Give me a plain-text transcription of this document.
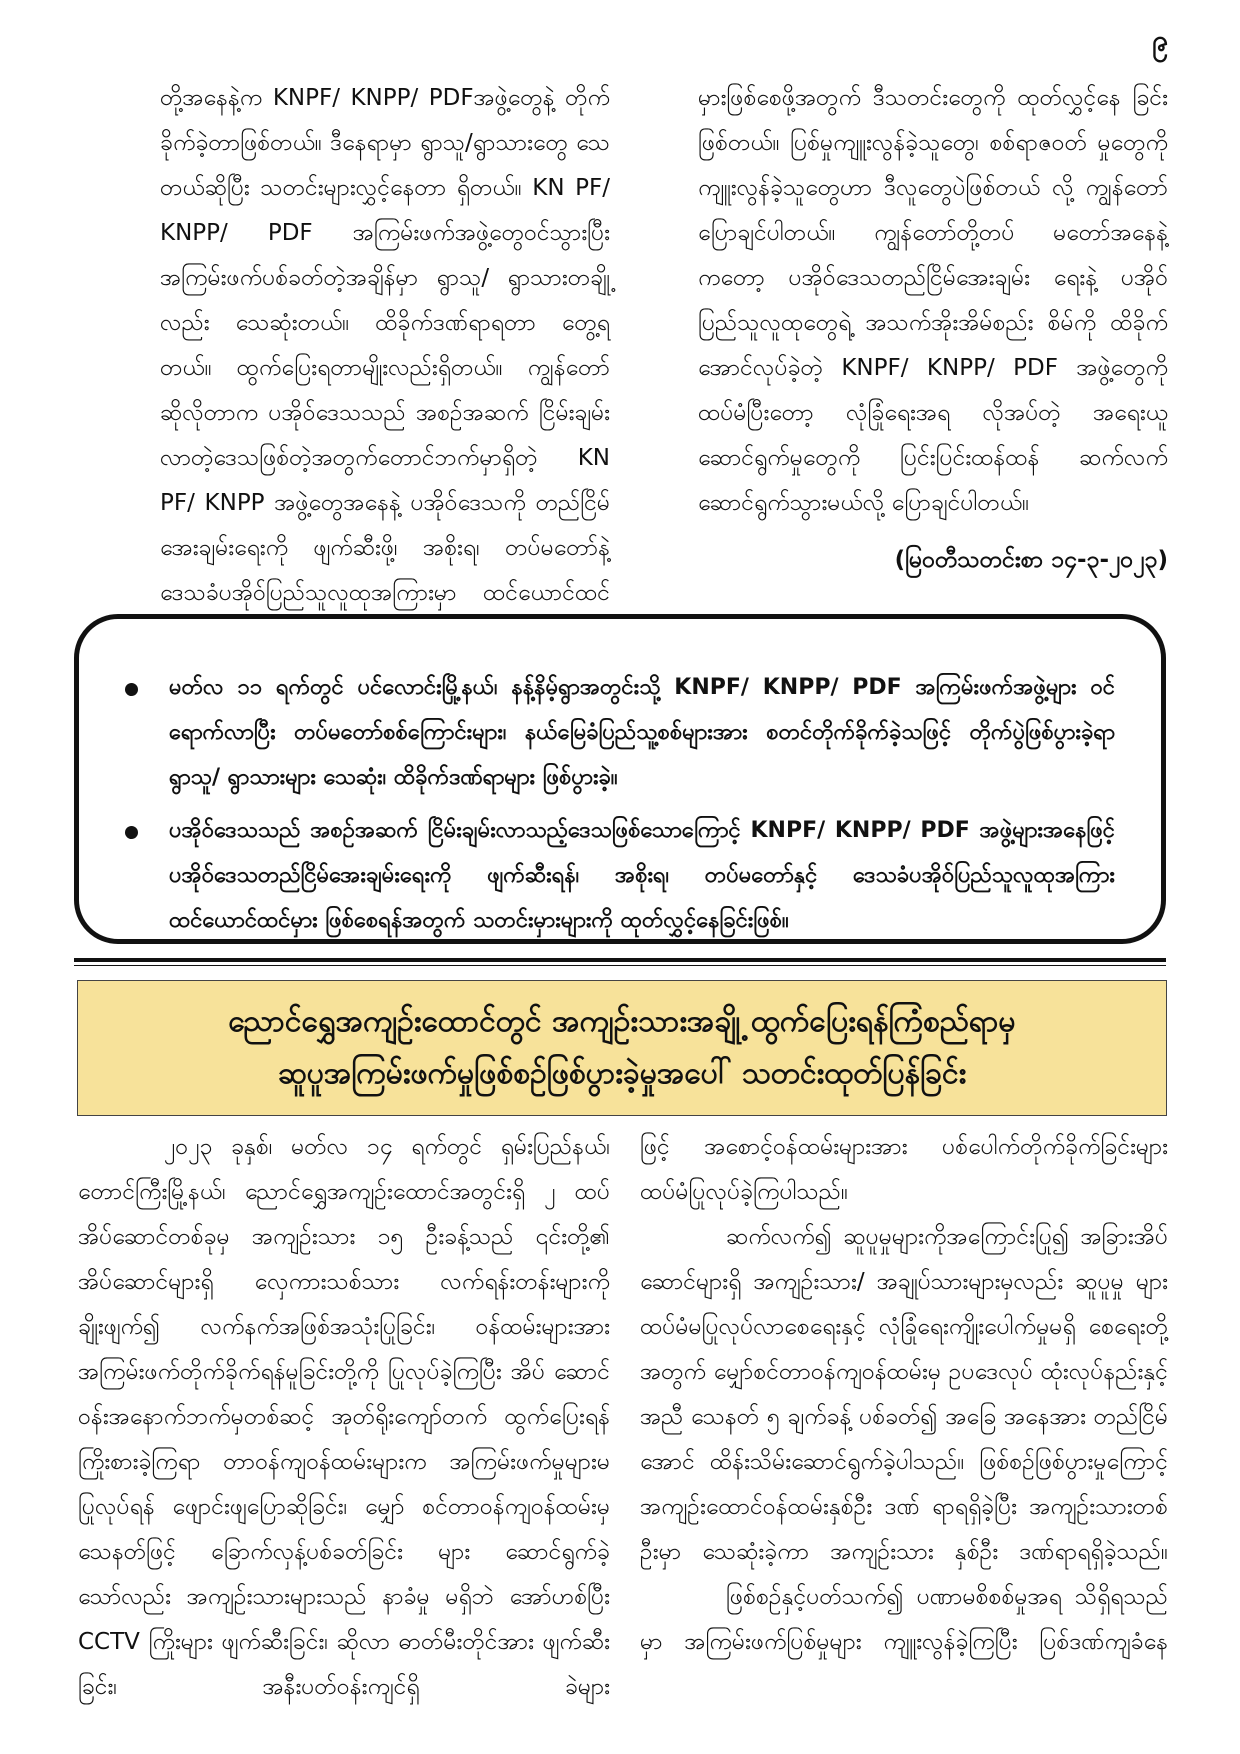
၉

တို့အနေနဲ့က KNPF/ KNPP/ PDFအဖွဲ့တွေနဲ့ တိုက် ခိုက်ခဲ့တာဖြစ်တယ်။ ဒီနေရာမှာ ရွာသူ/ရွာသားတွေ သေတယ်ဆိုပြီး သတင်းများလွှင့်နေတာ ရှိတယ်။ KN PF/ KNPP/ PDF အကြမ်းဖက်အဖွဲ့တွေဝင်သွားပြီး အကြမ်းဖက်ပစ်ခတ်တဲ့အချိန်မှာ ရွာသူ/ ရွာသားတချို့ လည်း သေဆုံးတယ်။ ထိခိုက်ဒဏ်ရာရတာ တွေ့ရ တယ်။ ထွက်ပြေးရတာမျိုးလည်းရှိတယ်။ ကျွန်တော် ဆိုလိုတာက ပအိုဝ်ဒေသသည် အစဉ်အဆက် ငြိမ်းချမ်း လာတဲ့ဒေသဖြစ်တဲ့အတွက်တောင်ဘက်မှာရှိတဲ့ KN PF/ KNPP အဖွဲ့တွေအနေနဲ့ ပအိုဝ်ဒေသကို တည်ငြိမ် အေးချမ်းရေးကို ဖျက်ဆီးဖို့၊ အစိုးရ၊ တပ်မတော်နဲ့ ဒေသခံပအိုဝ်ပြည်သူလူထုအကြားမှာ ထင်ယောင်ထင်

မှားဖြစ်စေဖို့အတွက် ဒီသတင်းတွေကို ထုတ်လွှင့်နေ ခြင်းဖြစ်တယ်။ ပြစ်မှုကျူးလွန်ခဲ့သူတွေ၊ စစ်ရာဇဝတ် မှုတွေကို ကျူးလွန်ခဲ့သူတွေဟာ ဒီလူတွေပဲဖြစ်တယ် လို့ ကျွန်တော်ပြောချင်ပါတယ်။ ကျွန်တော်တို့တပ် မတော်အနေနဲ့ကတော့ ပအိုဝ်ဒေသတည်ငြိမ်အေးချမ်း ရေးနဲ့ ပအိုဝ်ပြည်သူလူထုတွေရဲ့ အသက်အိုးအိမ်စည်း စိမ်ကို ထိခိုက်အောင်လုပ်ခဲ့တဲ့ KNPF/ KNPP/ PDF အဖွဲ့တွေကို ထပ်မံပြီးတော့ လုံခြုံရေးအရ လိုအပ်တဲ့ အရေးယူဆောင်ရွက်မှုတွေကို ပြင်းပြင်းထန်ထန် ဆက်လက်ဆောင်ရွက်သွားမယ်လို့ ပြောချင်ပါတယ်။

(မြဝတီသတင်းစာ ၁၄-၃-၂၀၂၃)
မတ်လ ၁၁ ရက်တွင် ပင်လောင်းမြို့နယ်၊ နန့်နိမ့်ရွာအတွင်းသို့ KNPF/ KNPP/ PDF အကြမ်းဖက်အဖွဲ့များ ဝင်ရောက်လာပြီး တပ်မတော်စစ်ကြောင်းများ၊ နယ်မြေခံပြည်သူ့စစ်များအား စတင်တိုက်ခိုက်ခဲ့သဖြင့် တိုက်ပွဲဖြစ်ပွားခဲ့ရာ ရွာသူ/ ရွာသားများ သေဆုံး၊ ထိခိုက်ဒဏ်ရာများ ဖြစ်ပွားခဲ့။
ပအိုဝ်ဒေသသည် အစဉ်အဆက် ငြိမ်းချမ်းလာသည့်ဒေသဖြစ်သောကြောင့် KNPF/ KNPP/ PDF အဖွဲ့များအနေဖြင့် ပအိုဝ်ဒေသတည်ငြိမ်အေးချမ်းရေးကို ဖျက်ဆီးရန်၊ အစိုးရ၊ တပ်မတော်နှင့် ဒေသခံပအိုဝ်ပြည်သူလူထုအကြား ထင်ယောင်ထင်မှား ဖြစ်စေရန်အတွက် သတင်းမှားများကို ထုတ်လွှင့်နေခြင်းဖြစ်။
ညောင်ရွှေအကျဉ်းထောင်တွင် အကျဉ်းသားအချို့ ထွက်ပြေးရန်ကြံစည်ရာမှ
ဆူပူအကြမ်းဖက်မှုဖြစ်စဉ်ဖြစ်ပွားခဲ့မှုအပေါ် သတင်းထုတ်ပြန်ခြင်း

၂၀၂၃ ခုနှစ်၊ မတ်လ ၁၄ ရက်တွင် ရှမ်းပြည်နယ်၊ တောင်ကြီးမြို့နယ်၊ ညောင်ရွှေအကျဉ်းထောင်အတွင်းရှိ ၂ ထပ် အိပ်ဆောင်တစ်ခုမှ အကျဉ်းသား ၁၅ ဦးခန့်သည် ၎င်းတို့၏ အိပ်ဆောင်များရှိ လှေကားသစ်သား လက်ရန်းတန်းများကို ချိုးဖျက်၍ လက်နက်အဖြစ်အသုံးပြုခြင်း၊ ဝန်ထမ်းများအား အကြမ်းဖက်တိုက်ခိုက်ရန်မူခြင်းတို့ကို ပြုလုပ်ခဲ့ကြပြီး အိပ် ဆောင်ဝန်းအနောက်ဘက်မှတစ်ဆင့် အုတ်ရိုးကျော်တက် ထွက်ပြေးရန် ကြိုးစားခဲ့ကြရာ တာဝန်ကျဝန်ထမ်းများက အကြမ်းဖက်မှုများမပြုလုပ်ရန် ဖျောင်းဖျပြောဆိုခြင်း၊ မျှော် စင်တာဝန်ကျဝန်ထမ်းမှ သေနတ်ဖြင့် ခြောက်လှန့်ပစ်ခတ်ခြင်း များ ဆောင်ရွက်ခဲ့သော်လည်း အကျဉ်းသားများသည် နာခံမှု မရှိဘဲ အော်ဟစ်ပြီး CCTV ကြိုးများ ဖျက်ဆီးခြင်း၊ ဆိုလာ ဓာတ်မီးတိုင်အား ဖျက်ဆီးခြင်း၊ အနီးပတ်ဝန်းကျင်ရှိ ခဲများ

ဖြင့် အစောင့်ဝန်ထမ်းများအား ပစ်ပေါက်တိုက်ခိုက်ခြင်းများ ထပ်မံပြုလုပ်ခဲ့ကြပါသည်။

ဆက်လက်၍ ဆူပူမှုများကိုအကြောင်းပြု၍ အခြားအိပ် ဆောင်များရှိ အကျဉ်းသား/ အချုပ်သားများမှလည်း ဆူပူမှု များ ထပ်မံမပြုလုပ်လာစေရေးနှင့် လုံခြုံရေးကျိုးပေါက်မှုမရှိ စေရေးတို့အတွက် မျှော်စင်တာဝန်ကျဝန်ထမ်းမှ ဥပဒေလုပ် ထုံးလုပ်နည်းနှင့်အညီ သေနတ် ၅ ချက်ခန့် ပစ်ခတ်၍ အခြေ အနေအား တည်ငြိမ်အောင် ထိန်းသိမ်းဆောင်ရွက်ခဲ့ပါသည်။ ဖြစ်စဉ်ဖြစ်ပွားမှုကြောင့် အကျဉ်းထောင်ဝန်ထမ်းနှစ်ဦး ဒဏ် ရာရရှိခဲ့ပြီး အကျဉ်းသားတစ်ဦးမှာ သေဆုံးခဲ့ကာ အကျဉ်းသား နှစ်ဦး ဒဏ်ရာရရှိခဲ့သည်။

ဖြစ်စဉ်နှင့်ပတ်သက်၍ ပဏာမစိစစ်မှုအရ သိရှိရသည် မှာ အကြမ်းဖက်ပြစ်မှုများ ကျူးလွန်ခဲ့ကြပြီး ပြစ်ဒဏ်ကျခံနေ
